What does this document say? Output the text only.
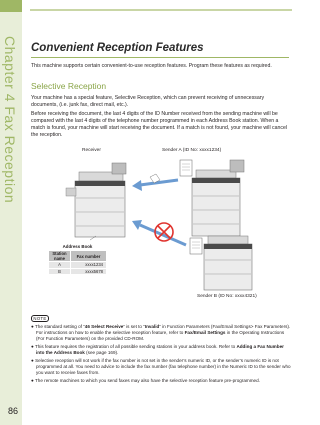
Chapter 4 Fax Reception Convenient Reception Features
This machine supports certain convenient-to-use reception features. Program these features as required.
Selective Reception
Your machine has a special feature, Selective Reception, which can prevent receiving of unnecessary documents, (i.e. junk fax, direct mail, etc.).
Before receiving the document, the last 4 digits of the ID Number received from the sending machine will be compared with the last 4 digits of the telephone number programmed in each Address Book station. When a match is found, your machine will start receiving the document. If a match is not found, your machine will cancel the reception.
Receiver	Sender A (ID No: xxxx1234)
Sender B (ID No: xxxx4321)
Address Book
Station name	Fax number
A	xxxx1234
B	xxxx5678
NOTE
● The standard setting of “46 Select Receive” is set to “Invalid” in Function Parameters (Fax/Email Settings> Fax Parameters). For instructions on how to enable the selective reception feature, refer to Fax/Email Settings in the Operating Instructions (For Function Parameters) on the provided CD-ROM.
● This feature requires the registration of all possible sending stations in your address book. Refer to Adding a Fax Number into the Address Book (see page 169).
● Selective reception will not work if the fax number is not set in the sender’s numeric ID, or the sender’s numeric ID is not programmed at all. You need to advice to include the fax number (fax telephone number) in the Numeric ID to the sender who you want to receive faxes from.
● The remote machines to which you send faxes may also have the selective reception feature pre-programmed.
86
